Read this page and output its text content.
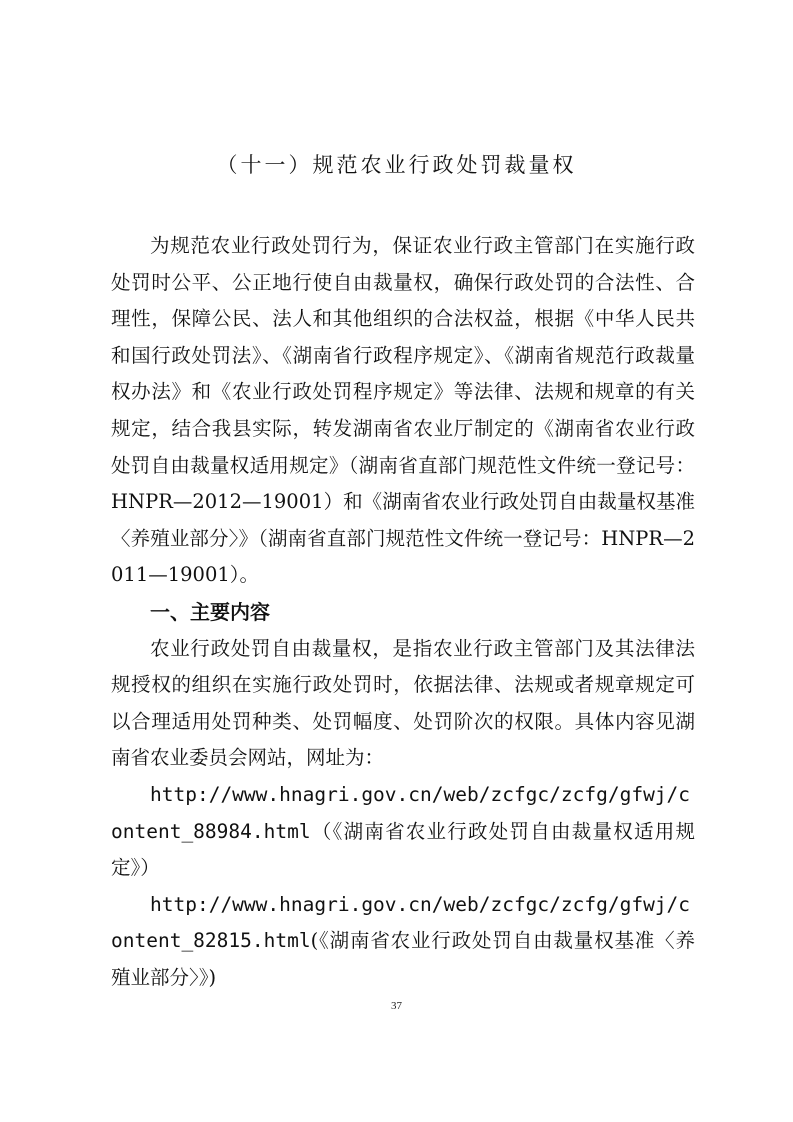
（十一）规范农业行政处罚裁量权

为规范农业行政处罚行为，保证农业行政主管部门在实施行政处罚时公平、公正地行使自由裁量权，确保行政处罚的合法性、合理性，保障公民、法人和其他组织的合法权益，根据《中华人民共和国行政处罚法》、《湖南省行政程序规定》、《湖南省规范行政裁量权办法》和《农业行政处罚程序规定》等法律、法规和规章的有关规定，结合我县实际，转发湖南省农业厅制定的《湖南省农业行政处罚自由裁量权适用规定》（湖南省直部门规范性文件统一登记号： HNPR—2012—19001）和《湖南省农业行政处罚自由裁量权基准〈养殖业部分〉》（湖南省直部门规范性文件统一登记号：HNPR—2011—19001）。

一、主要内容

农业行政处罚自由裁量权，是指农业行政主管部门及其法律法规授权的组织在实施行政处罚时，依据法律、法规或者规章规定可以合理适用处罚种类、处罚幅度、处罚阶次的权限。具体内容见湖南省农业委员会网站，网址为：

http://www.hnagri.gov.cn/web/zcfgc/zcfg/gfwj/content_88984.html（《湖南省农业行政处罚自由裁量权适用规定》）

http://www.hnagri.gov.cn/web/zcfgc/zcfg/gfwj/content_82815.html(《湖南省农业行政处罚自由裁量权基准〈养殖业部分〉》)

37
